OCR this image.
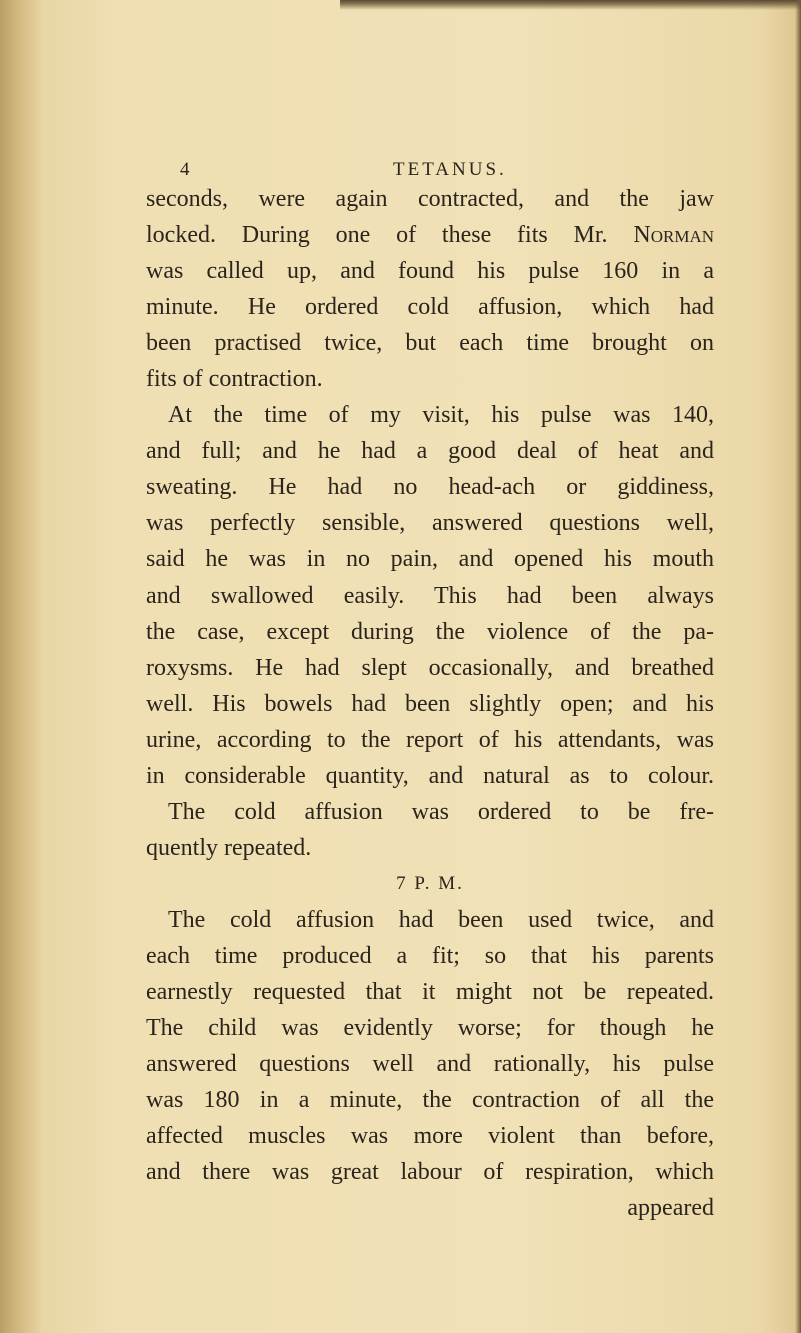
4	TETANUS.
seconds, were again contracted, and the jaw
locked. During one of these fits Mr. Norman
was called up, and found his pulse 160 in a
minute. He ordered cold affusion, which had
been practised twice, but each time brought on
fits of contraction.
At the time of my visit, his pulse was 140,
and full; and he had a good deal of heat and
sweating. He had no head-ach or giddiness,
was perfectly sensible, answered questions well,
said he was in no pain, and opened his mouth
and swallowed easily. This had been always
the case, except during the violence of the pa-
roxysms. He had slept occasionally, and breathed
well. His bowels had been slightly open; and his
urine, according to the report of his attendants, was
in considerable quantity, and natural as to colour.
The cold affusion was ordered to be fre-
quently repeated.
7 P. M.
The cold affusion had been used twice, and
each time produced a fit; so that his parents
earnestly requested that it might not be repeated.
The child was evidently worse; for though he
answered questions well and rationally, his pulse
was 180 in a minute, the contraction of all the
affected muscles was more violent than before,
and there was great labour of respiration, which
appeared
